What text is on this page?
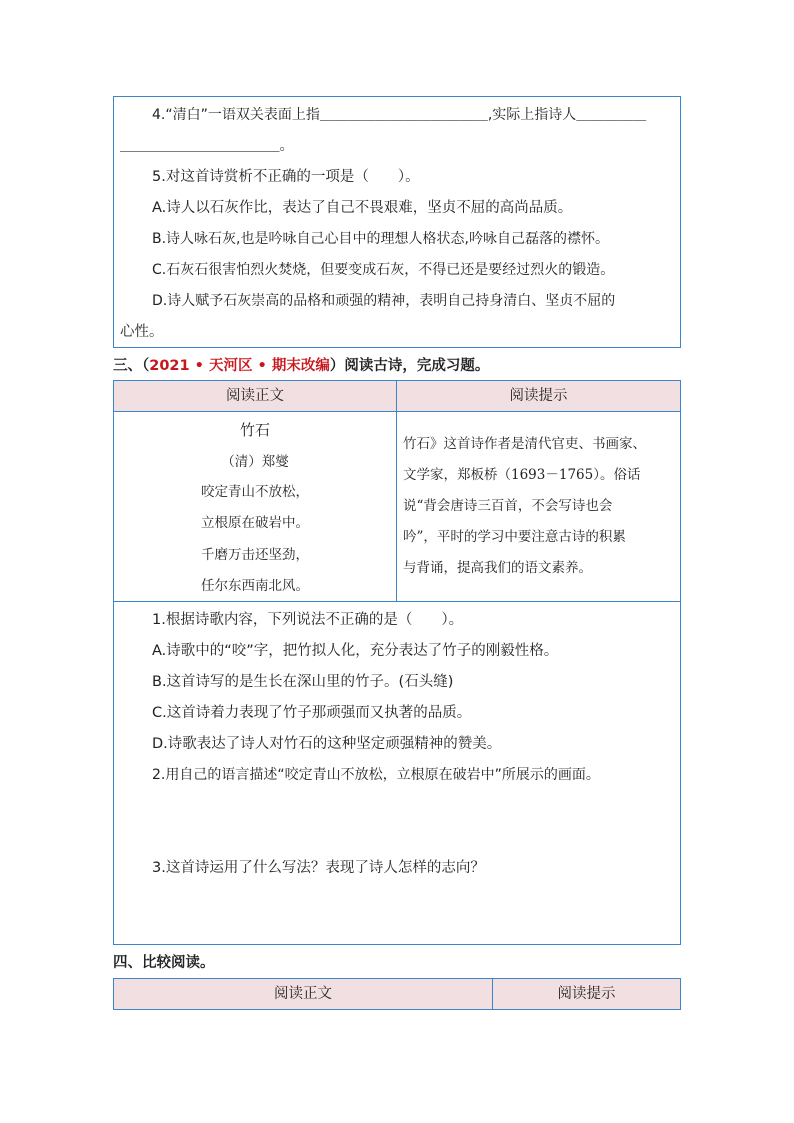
4.“清白”一语双关表面上指＿＿＿＿＿＿＿＿＿＿＿＿,实际上指诗人＿＿＿＿＿
＿＿＿＿＿＿＿＿＿＿＿。
5.对这首诗赏析不正确的一项是（　　）。
A.诗人以石灰作比，表达了自己不畏艰难，坚贞不屈的高尚品质。
B.诗人咏石灰,也是吟咏自己心目中的理想人格状态,吟咏自己磊落的襟怀。
C.石灰石很害怕烈火焚烧，但要变成石灰，不得已还是要经过烈火的锻造。
D.诗人赋予石灰崇高的品格和顽强的精神，表明自己持身清白、坚贞不屈的
心性。
三、（2021 • 天河区 • 期末改编）阅读古诗，完成习题。
阅读正文	阅读提示
竹石
（清）郑燮
咬定青山不放松，
立根原在破岩中。
千磨万击还坚劲，
任尔东西南北风。
竹石》这首诗作者是清代官吏、书画家、
文学家，郑板桥（1693－1765）。俗话
说“背会唐诗三百首，不会写诗也会
吟”，平时的学习中要注意古诗的积累
与背诵，提高我们的语文素养。
1.根据诗歌内容，下列说法不正确的是（　　）。
A.诗歌中的“咬”字，把竹拟人化，充分表达了竹子的刚毅性格。
B.这首诗写的是生长在深山里的竹子。(石头缝)
C.这首诗着力表现了竹子那顽强而又执著的品质。
D.诗歌表达了诗人对竹石的这种坚定顽强精神的赞美。
2.用自己的语言描述“咬定青山不放松，立根原在破岩中”所展示的画面。
3.这首诗运用了什么写法？表现了诗人怎样的志向？
四、比较阅读。
阅读正文	阅读提示
